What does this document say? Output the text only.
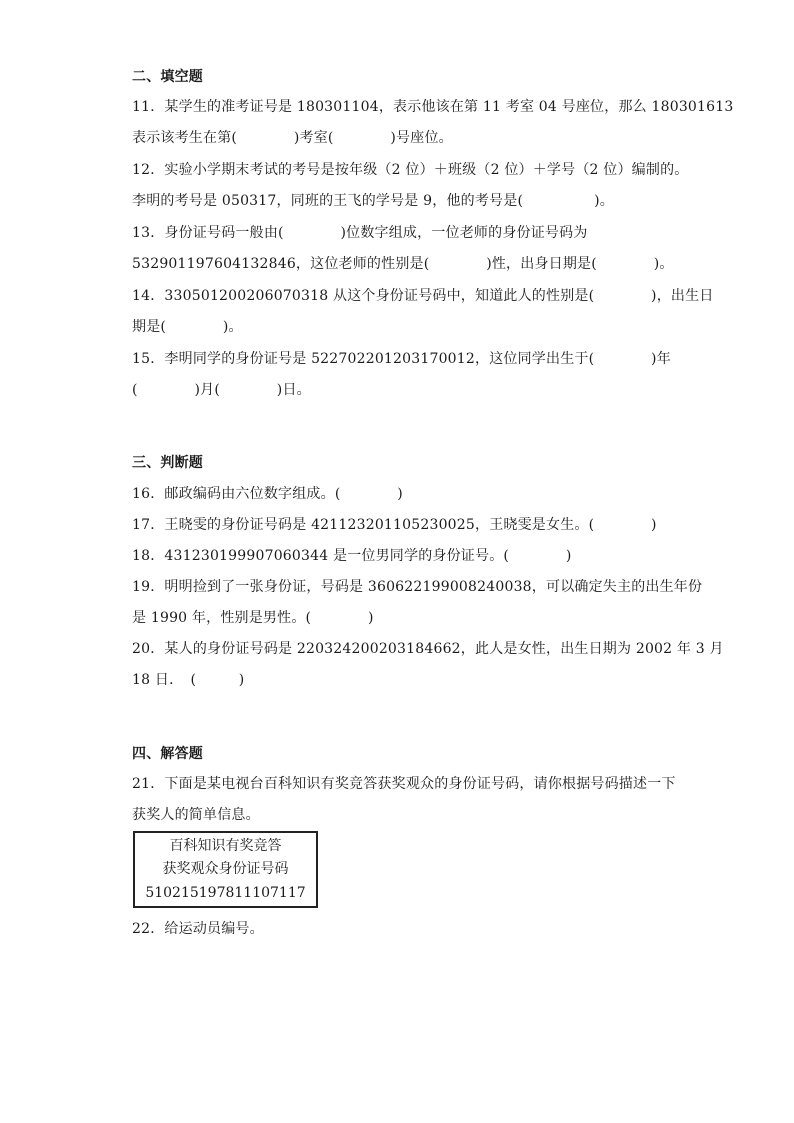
二、填空题
11．某学生的准考证号是 180301104，表示他该在第 11 考室 04 号座位，那么 180301613
表示该考生在第(　　　　)考室(　　　　)号座位。
12．实验小学期末考试的考号是按年级（2 位）＋班级（2 位）＋学号（2 位）编制的。
李明的考号是 050317，同班的王飞的学号是 9，他的考号是(　　　　　)。
13．身份证号码一般由(　　　　)位数字组成，一位老师的身份证号码为
532901197604132846，这位老师的性别是(　　　　)性，出身日期是(　　　　)。
14．330501200206070318 从这个身份证号码中，知道此人的性别是(　　　　)，出生日
期是(　　　　)。
15．李明同学的身份证号是 522702201203170012，这位同学出生于(　　　　)年
(　　　　)月(　　　　)日。
三、判断题
16．邮政编码由六位数字组成。(　　　　)
17．王晓雯的身份证号码是 421123201105230025，王晓雯是女生。(　　　　)
18．431230199907060344 是一位男同学的身份证号。(　　　　)
19．明明捡到了一张身份证，号码是 360622199008240038，可以确定失主的出生年份
是 1990 年，性别是男性。(　　　　)
20．某人的身份证号码是 220324200203184662，此人是女性，出生日期为 2002 年 3 月
18 日．　(　　　)
四、解答题
21．下面是某电视台百科知识有奖竞答获奖观众的身份证号码，请你根据号码描述一下
获奖人的简单信息。
百科知识有奖竞答
获奖观众身份证号码
510215197811107117
22．给运动员编号。
